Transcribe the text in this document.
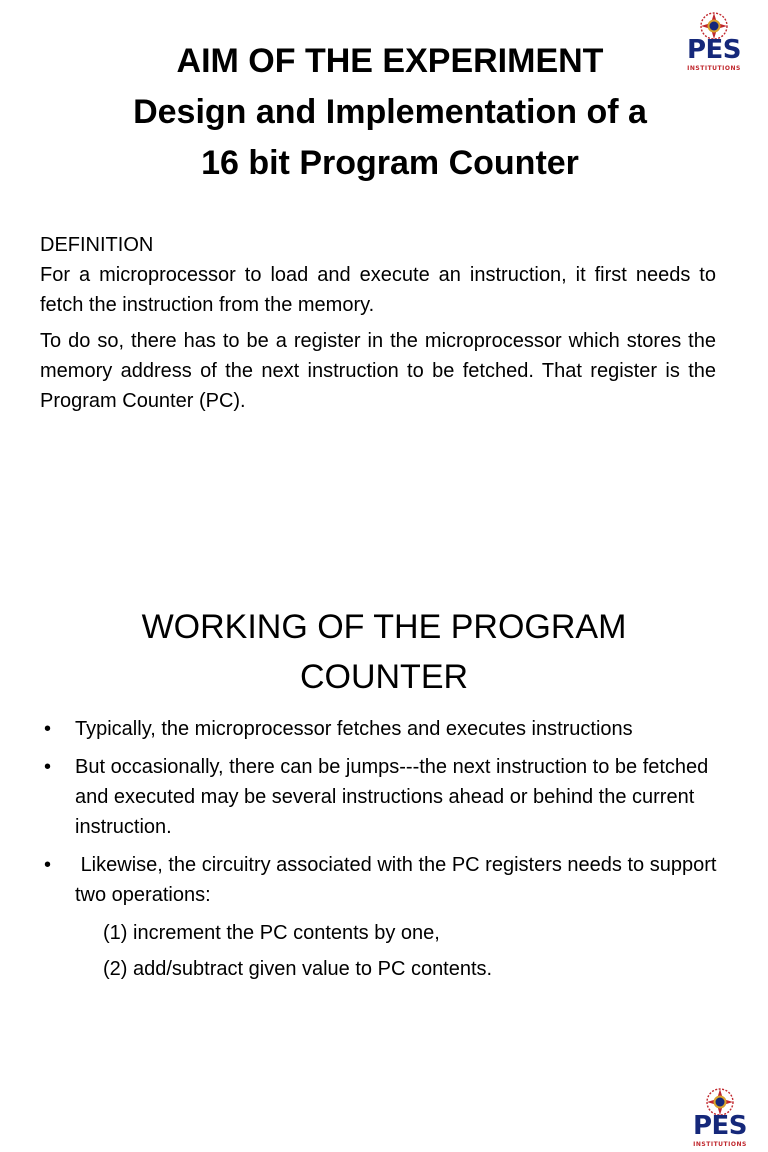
AIM OF THE EXPERIMENT
Design and Implementation of a
16 bit Program Counter
PES
INSTITUTIONS

DEFINITION

For a microprocessor to load and execute an instruction, it first needs to fetch the instruction from the memory.

To do so, there has to be a register in the microprocessor which stores the memory address of the next instruction to be fetched. That register is the Program Counter (PC).

WORKING OF THE PROGRAM
COUNTER
PES
INSTITUTIONS
• Typically, the microprocessor fetches and executes instructions
• But occasionally, there can be jumps---the next instruction to be fetched and executed may be several instructions ahead or behind the current instruction.
• Likewise, the circuitry associated with the PC registers needs to support two operations:
(1) increment the PC contents by one,
(2) add/subtract given value to PC contents.
